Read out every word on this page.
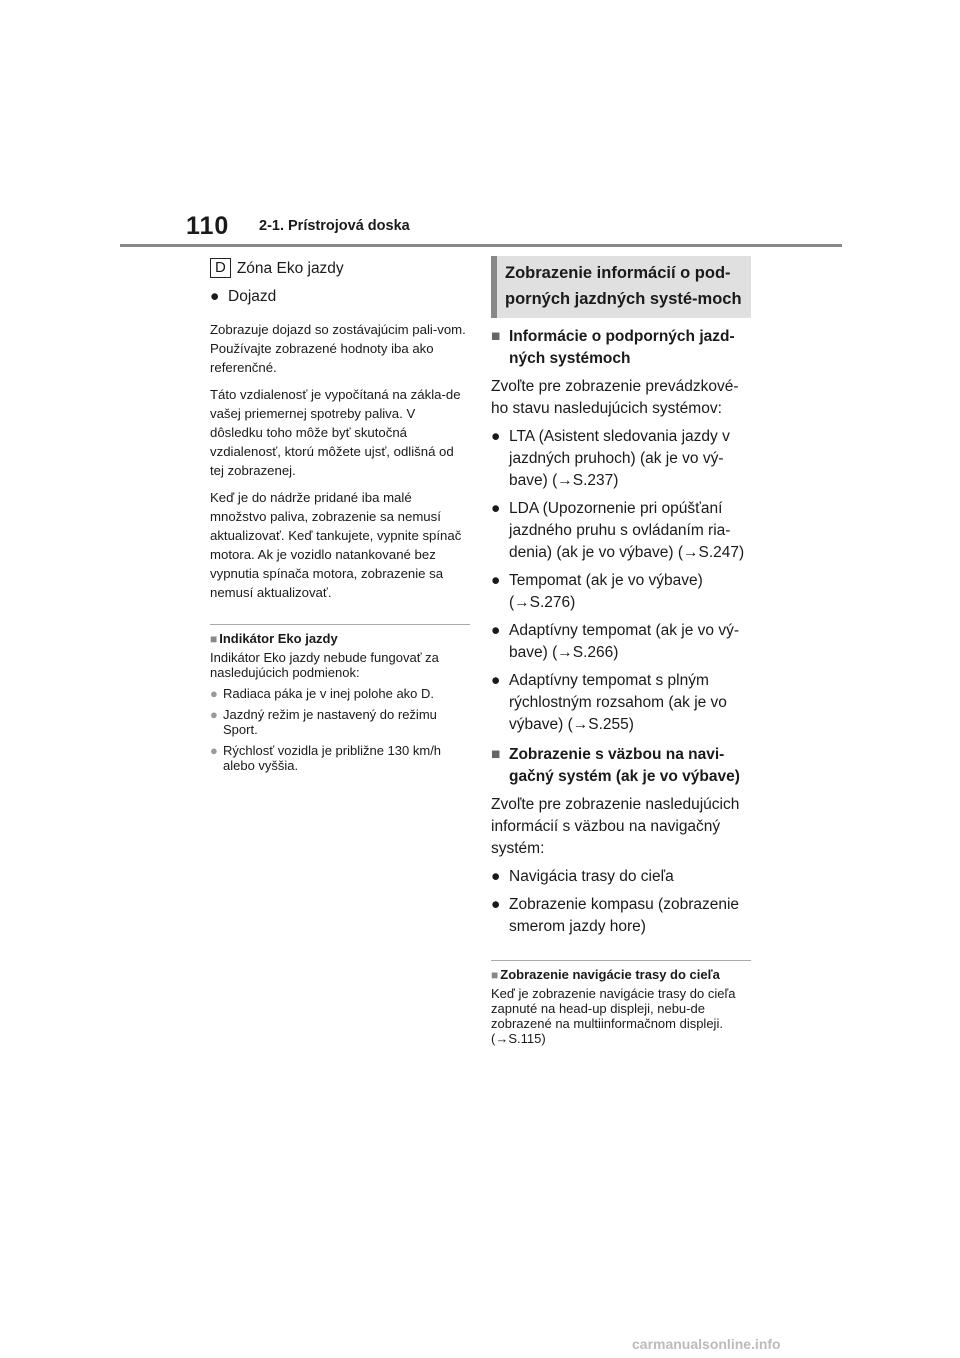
110 2-1. Prístrojová doska
D Zóna Eko jazdy
● Dojazd

Zobrazuje dojazd so zostávajúcim pali-vom. Používajte zobrazené hodnoty iba ako referenčné.

Táto vzdialenosť je vypočítaná na zákla-de vašej priemernej spotreby paliva. V dôsledku toho môže byť skutočná vzdialenosť, ktorú môžete ujsť, odlišná od tej zobrazenej.

Keď je do nádrže pridané iba malé množstvo paliva, zobrazenie sa nemusí aktualizovať. Keď tankujete, vypnite spínač motora. Ak je vozidlo natankované bez vypnutia spínača motora, zobrazenie sa nemusí aktualizovať.

■ Indikátor Eko jazdy

Indikátor Eko jazdy nebude fungovať za nasledujúcich podmienok:

● Radiaca páka je v inej polohe ako D.
● Jazdný režim je nastavený do režimu Sport.
● Rýchlosť vozidla je približne 130 km/h alebo vyššia.
Zobrazenie informácií o pod-porných jazdných systé-moch
■ Informácie o podporných jazd-ných systémoch

Zvoľte pre zobrazenie prevádzkové-ho stavu nasledujúcich systémov:

● LTA (Asistent sledovania jazdy v jazdných pruhoch) (ak je vo vý-bave) (→S.237)
● LDA (Upozornenie pri opúšťaní jazdného pruhu s ovládaním ria-denia) (ak je vo výbave) (→S.247)
● Tempomat (ak je vo výbave) (→S.276)
● Adaptívny tempomat (ak je vo vý-bave) (→S.266)
● Adaptívny tempomat s plným rýchlostným rozsahom (ak je vo výbave) (→S.255)
■ Zobrazenie s väzbou na navi-gačný systém (ak je vo výbave)

Zvoľte pre zobrazenie nasledujúcich informácií s väzbou na navigačný systém:

● Navigácia trasy do cieľa
● Zobrazenie kompasu (zobrazenie smerom jazdy hore)
■ Zobrazenie navigácie trasy do cieľa

Keď je zobrazenie navigácie trasy do cieľa zapnuté na head-up displeji, nebu-de zobrazené na multiinformačnom displeji. (→S.115)

carmanualsonline.info
